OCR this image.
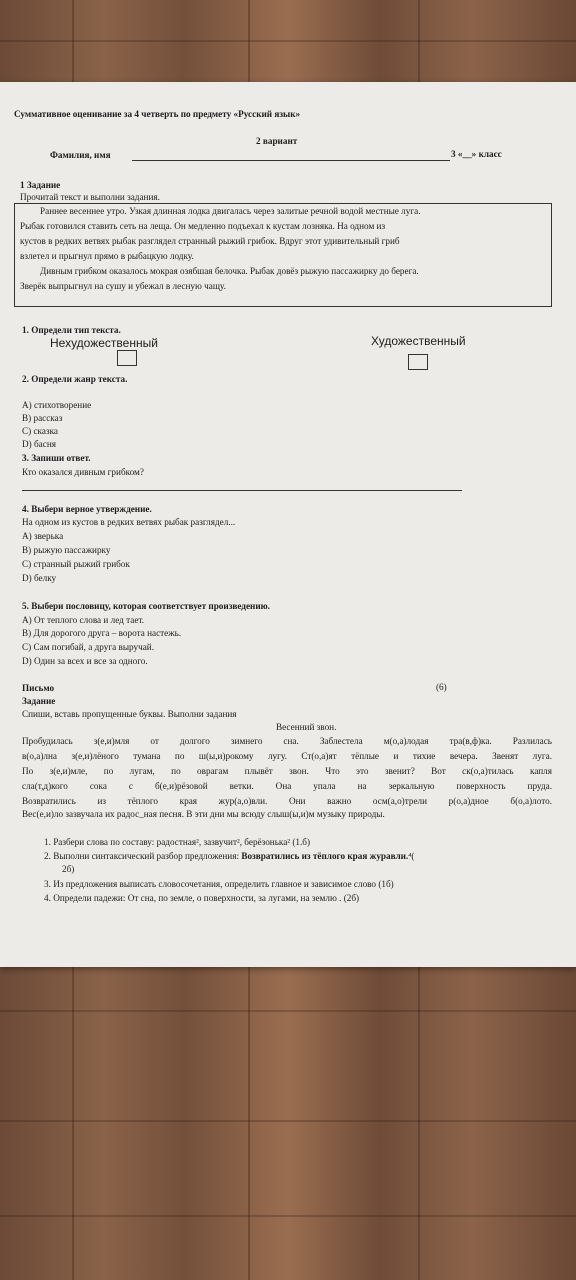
Суммативное оценивание за 4 четверть по предмету «Русский язык»
2 вариант
Фамилия, имя	3 «__» класс
1 Задание
Прочитай текст и выполни задания.
Раннее весеннее утро. Узкая длинная лодка двигалась через залитые речной водой местные луга.
Рыбак готовился ставить сеть на леща. Он медленно подъехал к кустам лозняка. На одном из
кустов в редких ветвях рыбак разглядел странный рыжий грибок. Вдруг этот удивительный гриб
взлетел и прыгнул прямо в рыбацкую лодку.
Дивным грибком оказалось мокрая озябшая белочка. Рыбак довёз рыжую пассажирку до берега.
Зверёк выпрыгнул на сушу и убежал в лесную чащу.
1. Определи тип текста.
Нехудожественный	Художественный
2. Определи жанр текста.
A) стихотворение
B) рассказ
C) сказка
D) басня
3. Запиши ответ.
Кто оказался дивным грибком?
4. Выбери верное утверждение.
На одном из кустов в редких ветвях рыбак разглядел...
A) зверька
B) рыжую пассажирку
C) странный рыжий грибок
D) белку
5. Выбери пословицу, которая соответствует произведению.
A) От теплого слова и лед тает.
B) Для дорогого друга – ворота настежь.
C) Сам погибай, а друга выручай.
D) Один за всех и все за одного.
Письмо	(6)
Задание
Спиши, вставь пропущенные буквы. Выполни задания
Весенний звон.
Пробудилась з(е,и)мля от долгого зимнего сна. Заблестела м(о,а)лодая тра(в,ф)ка. Разлилась
в(о,а)лна з(е,и)лёного тумана по ш(ы,и)рокому лугу. Ст(о,а)ят тёплые и тихие вечера. Звенят луга.
По з(е,и)мле, по лугам, по оврагам плывёт звон. Что это звенит? Вот ск(о,а)тилась капля
сла(т,д)кого сока с б(е,и)рёзовой ветки. Она упала на зеркальную поверхность пруда.
Возвратились из тёплого края жур(а,о)вли. Они важно осм(а,о)трели р(о,а)дное б(о,а)лото.
Вес(е,и)ло зазвучала их радос_ная песня. В эти дни мы всюду слыш(ы,и)м музыку природы.
1. Разбери слова по составу: радостная², зазвучит², берёзонька² (1.б)
2. Выполни синтаксический разбор предложения: Возвратились из тёплого края журавли.⁴(
2б)
3. Из предложения выписать словосочетания, определить главное и зависимое слово (1б)
4. Определи падежи: От сна, по земле, о поверхности, за лугами, на землю . (2б)
